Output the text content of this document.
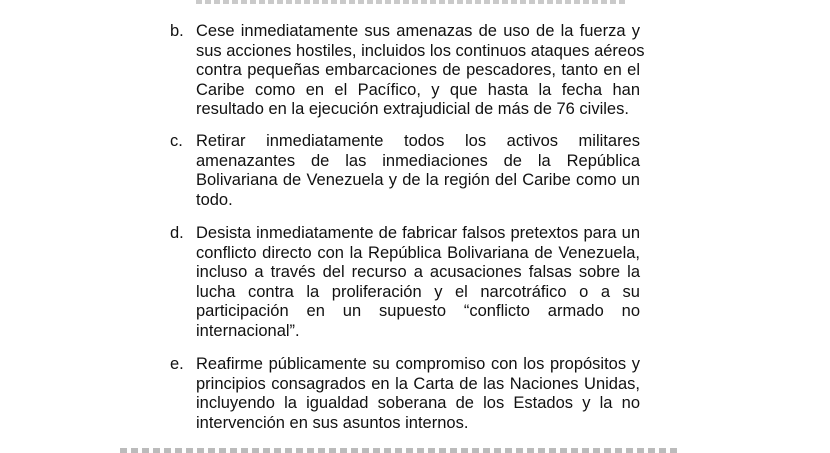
b. Cese inmediatamente sus amenazas de uso de la fuerza y
sus acciones hostiles, incluidos los continuos ataques aéreos
contra pequeñas embarcaciones de pescadores, tanto en el
Caribe como en el Pacífico, y que hasta la fecha han
resultado en la ejecución extrajudicial de más de 76 civiles.
c. Retirar inmediatamente todos los activos militares
amenazantes de las inmediaciones de la República
Bolivariana de Venezuela y de la región del Caribe como un
todo.
d. Desista inmediatamente de fabricar falsos pretextos para un
conflicto directo con la República Bolivariana de Venezuela,
incluso a través del recurso a acusaciones falsas sobre la
lucha contra la proliferación y el narcotráfico o a su
participación en un supuesto “conflicto armado no
internacional”.
e. Reafirme públicamente su compromiso con los propósitos y
principios consagrados en la Carta de las Naciones Unidas,
incluyendo la igualdad soberana de los Estados y la no
intervención en sus asuntos internos.
